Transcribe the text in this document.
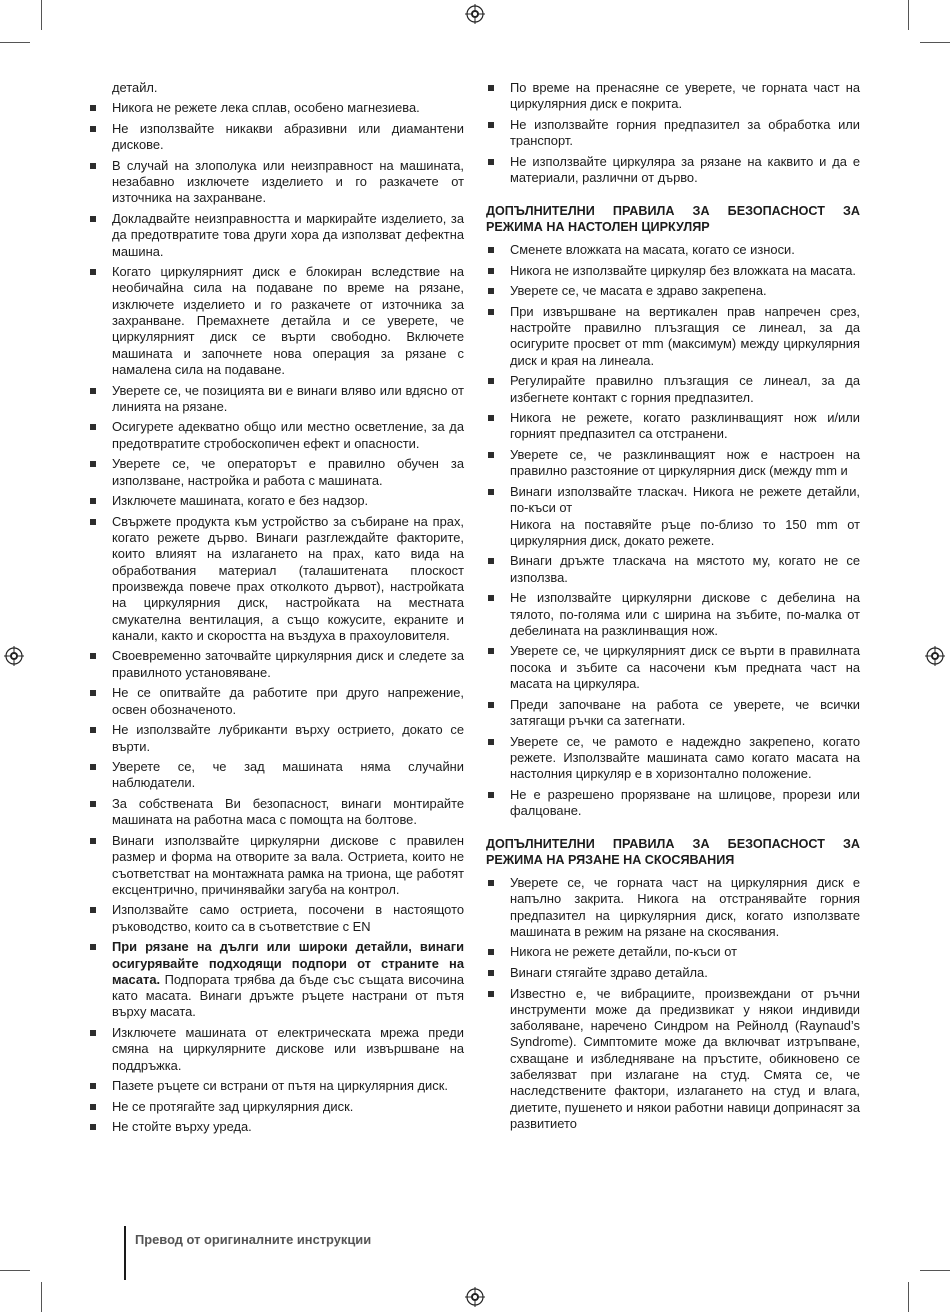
детайл.
Никога не режете лека сплав, особено магнезиева.
Не използвайте никакви абразивни или диамантени дискове.
В случай на злополука или неизправност на машината, незабавно изключете изделието и го разкачете от източника на захранване.
Докладвайте неизправността и маркирайте изделието, за да предотвратите това други хора да използват дефектна машина.
Когато циркулярният диск е блокиран вследствие на необичайна сила на подаване по време на рязане, изключете изделието и го разкачете от източника за захранване. Премахнете детайла и се уверете, че циркулярният диск се върти свободно. Включете машината и започнете нова операция за рязане с намалена сила на подаване.
Уверете се, че позицията ви е винаги вляво или вдясно от линията на рязане.
Осигурете адекватно общо или местно осветление, за да предотвратите стробоскопичен ефект и опасности.
Уверете се, че операторът е правилно обучен за използване, настройка и работа с машината.
Изключете машината, когато е без надзор.
Свържете продукта към устройство за събиране на прах, когато режете дърво. Винаги разглеждайте факторите, които влияят на излагането на прах, като вида на обработвания материал (талашитената плоскост произвежда повече прах отколкото дървот), настройката на циркулярния диск, настройката на местната смукателна вентилация, а също кожусите, екраните и канали, както и скоростта на въздуха в прахоуловителя.
Своевременно заточвайте циркулярния диск и следете за правилното установяване.
Не се опитвайте да работите при друго напрежение, освен обозначеното.
Не използвайте лубриканти върху острието, докато се върти.
Уверете се, че зад машината няма случайни наблюдатели.
За собствената Ви безопасност, винаги монтирайте машината на работна маса с помощта на болтове.
Винаги използвайте циркулярни дискове с правилен размер и форма на отворите за вала. Остриета, които не съответстват на монтажната рамка на триона, ще работят ексцентрично, причинявайки загуба на контрол.
Използвайте само остриета, посочени в настоящото ръководство, които са в съответствие с EN
При рязане на дълги или широки детайли, винаги осигурявайте подходящи подпори от страните на масата. Подпората трябва да бъде със същата височина като масата. Винаги дръжте ръцете настрани от пътя върху масата.
Изключете машината от електрическата мрежа преди смяна на циркулярните дискове или извършване на поддръжка.
Пазете ръцете си встрани от пътя на циркулярния диск.
Не се протягайте зад циркулярния диск.
Не стойте върху уреда.
По време на пренасяне се уверете, че горната част на циркулярния диск е покрита.
Не използвайте горния предпазител за обработка или транспорт.
Не използвайте циркуляра за рязане на каквито и да е материали, различни от дърво.
ДОПЪЛНИТЕЛНИ ПРАВИЛА ЗА БЕЗОПАСНОСТ ЗА РЕЖИМА НА НАСТОЛЕН ЦИРКУЛЯР
Сменете вложката на масата, когато се износи.
Никога не използвайте циркуляр без вложката на масата.
Уверете се, че масата е здраво закрепена.
При извършване на вертикален прав напречен срез, настройте правилно плъзгащия се линеал, за да осигурите просвет от mm (максимум) между циркулярния диск и края на линеала.
Регулирайте правилно плъзгащия се линеал, за да избегнете контакт с горния предпазител.
Никога не режете, когато разклинващият нож и/или горният предпазител са отстранени.
Уверете се, че разклинващият нож е настроен на правилно разстояние от циркулярния диск (между mm и
Винаги използвайте тласкач. Никога не режете детайли, по-къси от
Никога на поставяйте ръце по-близо то 150 mm от циркулярния диск, докато режете.
Винаги дръжте тласкача на мястото му, когато не се използва.
Не използвайте циркулярни дискове с дебелина на тялото, по-голяма или с ширина на зъбите, по-малка от дебелината на разклинващия нож.
Уверете се, че циркулярният диск се върти в правилната посока и зъбите са насочени към предната част на масата на циркуляра.
Преди започване на работа се уверете, че всички затягащи ръчки са затегнати.
Уверете се, че рамото е надеждно закрепено, когато режете. Използвайте машината само когато масата на настолния циркуляр е в хоризонтално положение.
Не е разрешено прорязване на шлицове, прорези или фалцоване.
ДОПЪЛНИТЕЛНИ ПРАВИЛА ЗА БЕЗОПАСНОСТ ЗА РЕЖИМА НА РЯЗАНЕ НА СКОСЯВАНИЯ
Уверете се, че горната част на циркулярния диск е напълно закрита. Никога на отстранявайте горния предпазител на циркулярния диск, когато използвате машината в режим на рязане на скосявания.
Никога не режете детайли, по-къси от
Винаги стягайте здраво детайла.
Известно е, че вибрациите, произвеждани от ръчни инструменти може да предизвикат у някои индивиди заболяване, наречено Синдром на Рейнолд (Raynaud’s Syndrome). Симптомите може да включват изтръпване, схващане и избледняване на пръстите, обикновено се забелязват при излагане на студ. Смята се, че наследствените фактори, излагането на студ и влага, диетите, пушенето и някои работни навици допринасят за развитието
Превод от оригиналните инструкции
